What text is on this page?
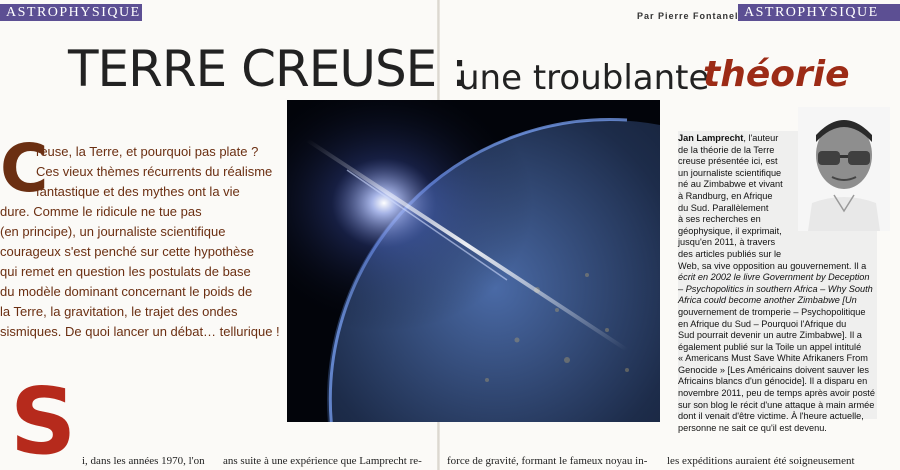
ASTROPHYSIQUE	ASTROPHYSIQUE
Par Pierre Fontanel
TERRE CREUSE :
une troublante
théorie
C
reuse, la Terre, et pourquoi pas plate ?
Ces vieux thèmes récurrents du réalisme
fantastique et des mythes ont la vie
dure. Comme le ridicule ne tue pas
(en principe), un journaliste scientifique
courageux s'est penché sur cette hypothèse
qui remet en question les postulats de base
du modèle dominant concernant le poids de
la Terre, la gravitation, le trajet des ondes
sismiques. De quoi lancer un débat… tellurique !
Jan Lamprecht, l'auteur
de la théorie de la Terre
creuse présentée ici, est
un journaliste scientifique
né au Zimbabwe et vivant
à Randburg, en Afrique
du Sud. Parallèlement
à ses recherches en
géophysique, il exprimait,
jusqu'en 2011, à travers
des articles publiés sur le
Web, sa vive opposition au gouvernement. Il a
écrit en 2002 le livre Government by Deception
– Psychopolitics in southern Africa – Why South
Africa could become another Zimbabwe [Un
gouvernement de tromperie – Psychopolitique
en Afrique du Sud – Pourquoi l'Afrique du
Sud pourrait devenir un autre Zimbabwe]. Il a
également publié sur la Toile un appel intitulé
« Americans Must Save White Afrikaners From
Genocide » [Les Américains doivent sauver les
Africains blancs d'un génocide]. Il a disparu en
novembre 2011, peu de temps après avoir posté
sur son blog le récit d'une attaque à main armée
dont il venait d'être victime. À l'heure actuelle,
personne ne sait ce qu'il est devenu.
S i, dans les années 1970, l'on ans suite à une expérience que Lamprecht re- force de gravité, formant le fameux noyau in- les expéditions auraient été soigneusement
